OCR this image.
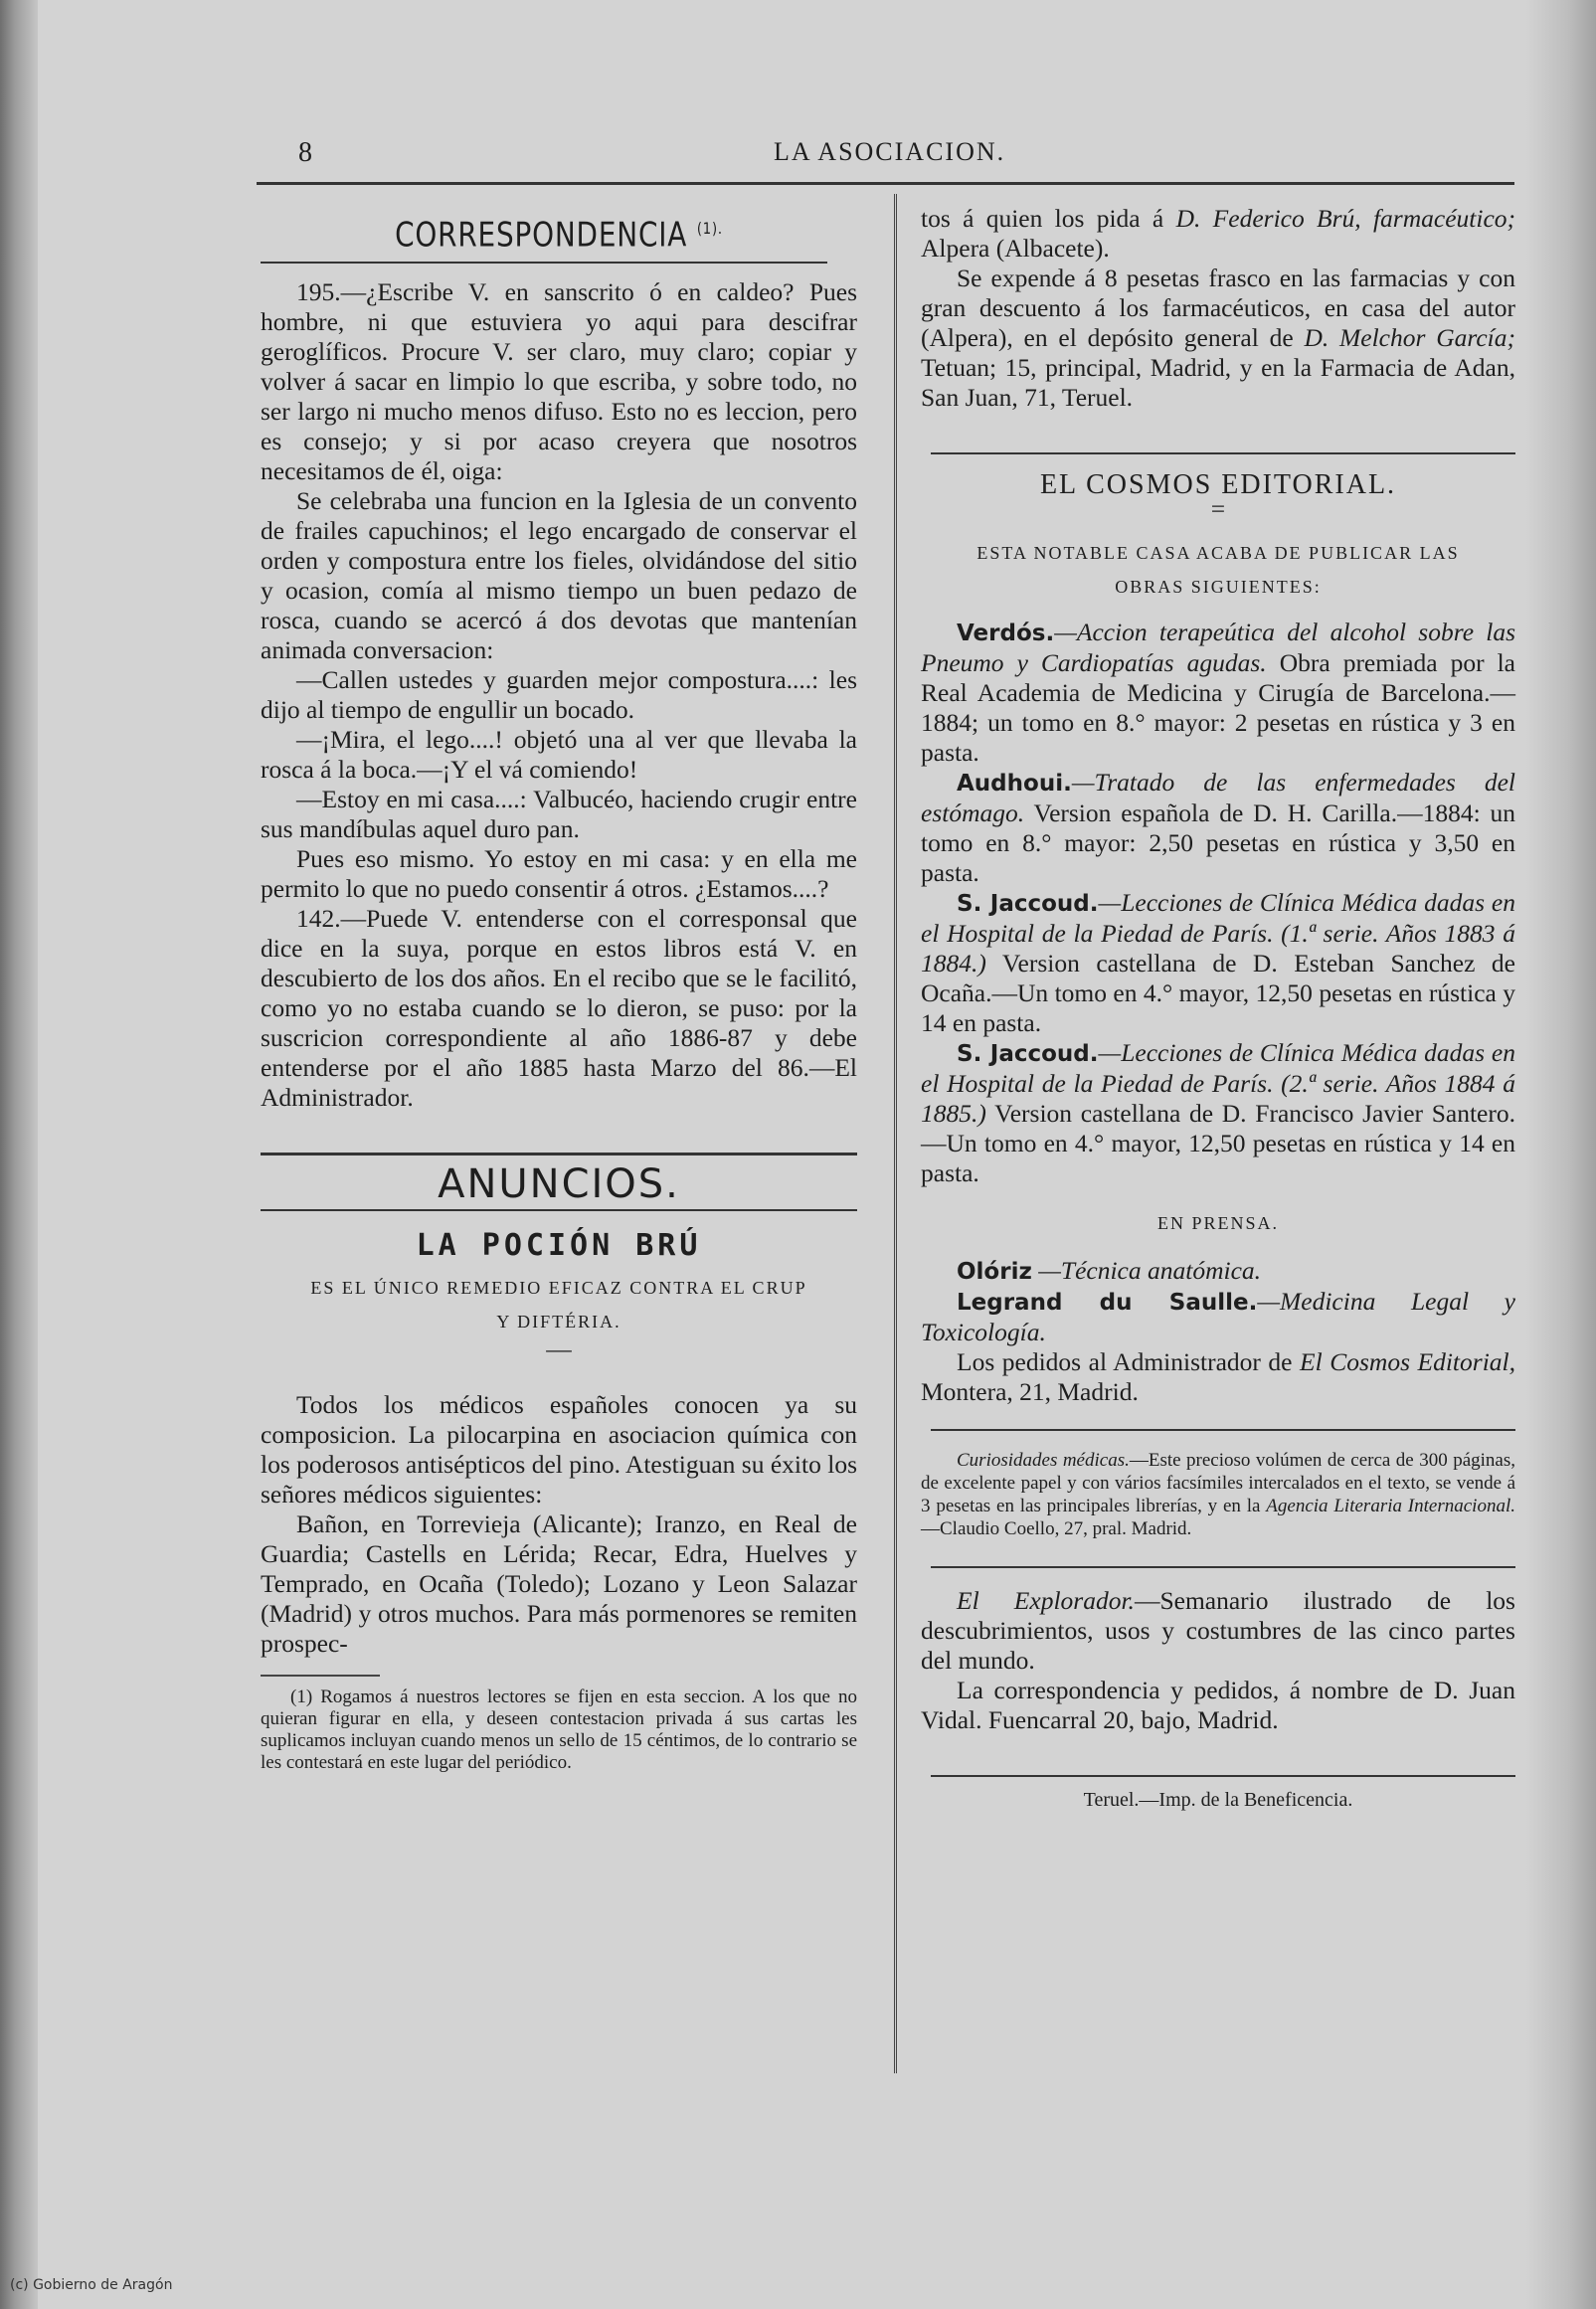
8	LA ASOCIACION.
CORRESPONDENCIA $^{(1).}$

195.—¿Escribe V. en sanscrito ó en caldeo? Pues hombre, ni que estuviera yo aqui para descifrar geroglíficos. Procure V. ser claro, muy claro; copiar y volver á sacar en limpio lo que escriba, y sobre todo, no ser largo ni mucho menos difuso. Esto no es leccion, pero es consejo; y si por acaso creyera que nosotros necesitamos de él, oiga:

Se celebraba una funcion en la Iglesia de un convento de frailes capuchinos; el lego encargado de conservar el orden y compostura entre los fieles, olvidándose del sitio y ocasion, comía al mismo tiempo un buen pedazo de rosca, cuando se acercó á dos devotas que mantenían animada conversacion:

—Callen ustedes y guarden mejor compostura....: les dijo al tiempo de engullir un bocado.

—¡Mira, el lego....! objetó una al ver que llevaba la rosca á la boca.—¡Y el vá comiendo!

—Estoy en mi casa....: Valbucéo, haciendo crugir entre sus mandíbulas aquel duro pan.

Pues eso mismo. Yo estoy en mi casa: y en ella me permito lo que no puedo consentir á otros. ¿Estamos....?

142.—Puede V. entenderse con el corresponsal que dice en la suya, porque en estos libros está V. en descubierto de los dos años. En el recibo que se le facilitó, como yo no estaba cuando se lo dieron, se puso: por la suscricion correspondiente al año 1886-87 y debe entenderse por el año 1885 hasta Marzo del 86.—El Administrador.

ANUNCIOS.
LA POCIÓN BRÚ
ES EL ÚNICO REMEDIO EFICAZ CONTRA EL CRUP
Y DIFTÉRIA.
—

Todos los médicos españoles conocen ya su composicion. La pilocarpina en asociacion química con los poderosos antisépticos del pino. Atestiguan su éxito los señores médicos siguientes:

Bañon, en Torrevieja (Alicante); Iranzo, en Real de Guardia; Castells en Lérida; Recar, Edra, Huelves y Temprado, en Ocaña (Toledo); Lozano y Leon Salazar (Madrid) y otros muchos. Para más pormenores se remiten prospec-

(1) Rogamos á nuestros lectores se fijen en esta seccion. A los que no quieran figurar en ella, y deseen contestacion privada á sus cartas les suplicamos incluyan cuando menos un sello de 15 céntimos, de lo contrario se les contestará en este lugar del periódico.

tos á quien los pida á D. Federico Brú, farmacéutico; Alpera (Albacete).

Se expende á 8 pesetas frasco en las farmacias y con gran descuento á los farmacéuticos, en casa del autor (Alpera), en el depósito general de D. Melchor García; Tetuan; 15, principal, Madrid, y en la Farmacia de Adan, San Juan, 71, Teruel.

EL COSMOS EDITORIAL.
=
ESTA NOTABLE CASA ACABA DE PUBLICAR LAS
OBRAS SIGUIENTES:

Verdós.—Accion terapeútica del alcohol sobre las Pneumo y Cardiopatías agudas. Obra premiada por la Real Academia de Medicina y Cirugía de Barcelona.—1884; un tomo en 8.° mayor: 2 pesetas en rústica y 3 en pasta.

Audhoui.—Tratado de las enfermedades del estómago. Version española de D. H. Carilla.—1884: un tomo en 8.° mayor: 2,50 pesetas en rústica y 3,50 en pasta.

S. Jaccoud.—Lecciones de Clínica Médica dadas en el Hospital de la Piedad de París. (1.ª serie. Años 1883 á 1884.) Version castellana de D. Esteban Sanchez de Ocaña.—Un tomo en 4.° mayor, 12,50 pesetas en rústica y 14 en pasta.

S. Jaccoud.—Lecciones de Clínica Médica dadas en el Hospital de la Piedad de París. (2.ª serie. Años 1884 á 1885.) Version castellana de D. Francisco Javier Santero.—Un tomo en 4.° mayor, 12,50 pesetas en rústica y 14 en pasta.

EN PRENSA.

Olóriz —Técnica anatómica.

Legrand du Saulle.—Medicina Legal y Toxicología.

Los pedidos al Administrador de El Cosmos Editorial, Montera, 21, Madrid.

Curiosidades médicas.—Este precioso volúmen de cerca de 300 páginas, de excelente papel y con vários facsímiles intercalados en el texto, se vende á 3 pesetas en las principales librerías, y en la Agencia Literaria Internacional.—Claudio Coello, 27, pral. Madrid.

El Explorador.—Semanario ilustrado de los descubrimientos, usos y costumbres de las cinco partes del mundo.

La correspondencia y pedidos, á nombre de D. Juan Vidal. Fuencarral 20, bajo, Madrid.

Teruel.—Imp. de la Beneficencia.
(c) Gobierno de Aragón
